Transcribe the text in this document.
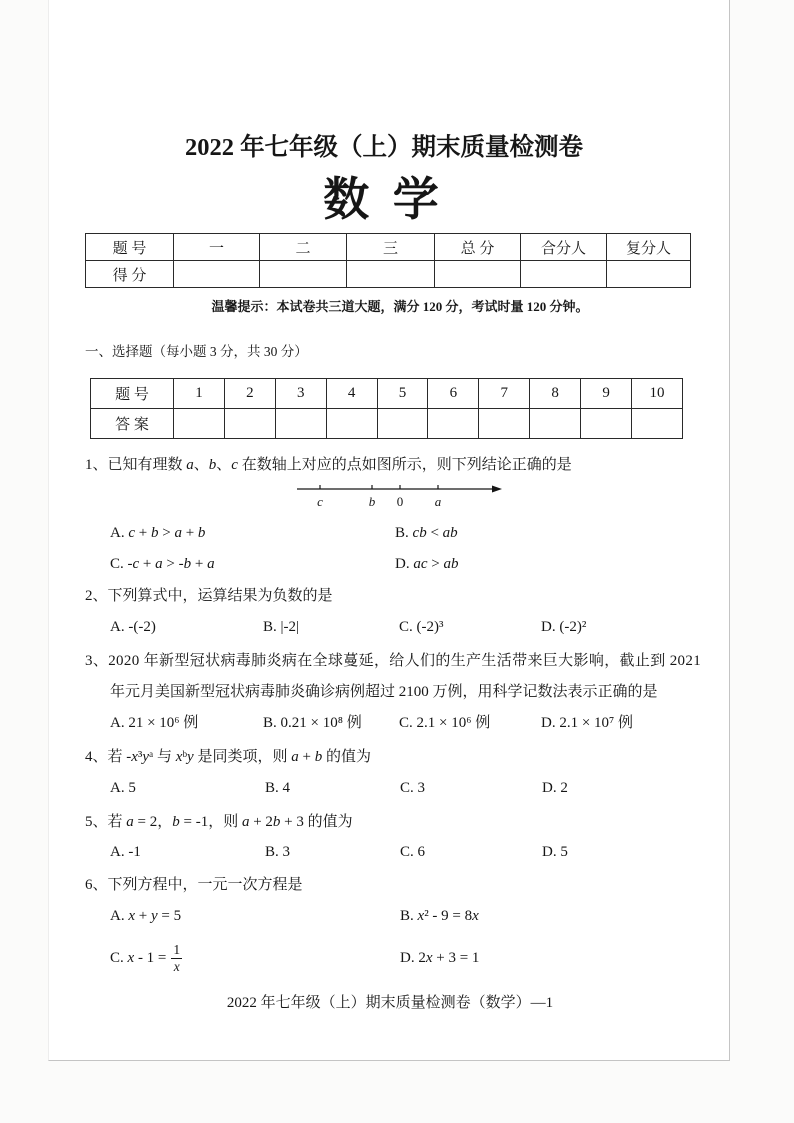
2022 年七年级（上）期末质量检测卷
数 学
题 号	一	二	三	总 分	合分人	复分人
得 分						
温馨提示：本试卷共三道大题，满分 120 分，考试时量 120 分钟。
一、选择题（每小题 3 分，共 30 分）
题 号	1	2	3	4	5	6	7	8	9	10
答 案										
1、已知有理数 a、b、c 在数轴上对应的点如图所示，则下列结论正确的是
c	b 0 a
A. c + b > a + b	B. cb < ab
C. -c + a > -b + a	D. ac > ab
2、下列算式中，运算结果为负数的是
A. -(-2)	B. |-2|	C. (-2)³	D. (-2)²
3、2020 年新型冠状病毒肺炎病在全球蔓延，给人们的生产生活带来巨大影响，截止到 2021
年元月美国新型冠状病毒肺炎确诊病例超过 2100 万例，用科学记数法表示正确的是
A. 21 × 10⁶ 例	B. 0.21 × 10⁸ 例 C. 2.1 × 10⁶ 例	D. 2.1 × 10⁷ 例
4、若 -x³yᵃ 与 xᵇy 是同类项，则 a + b 的值为
A. 5	B. 4	C. 3	D. 2
5、若 a = 2，b = -1，则 a + 2b + 3 的值为
A. -1	B. 3	C. 6	D. 5
6、下列方程中，一元一次方程是
A. x + y = 5	B. x² - 9 = 8x
C. $x - 1 = \frac{1}{x}$	D. 2x + 3 = 1
2022 年七年级（上）期末质量检测卷（数学）—1
